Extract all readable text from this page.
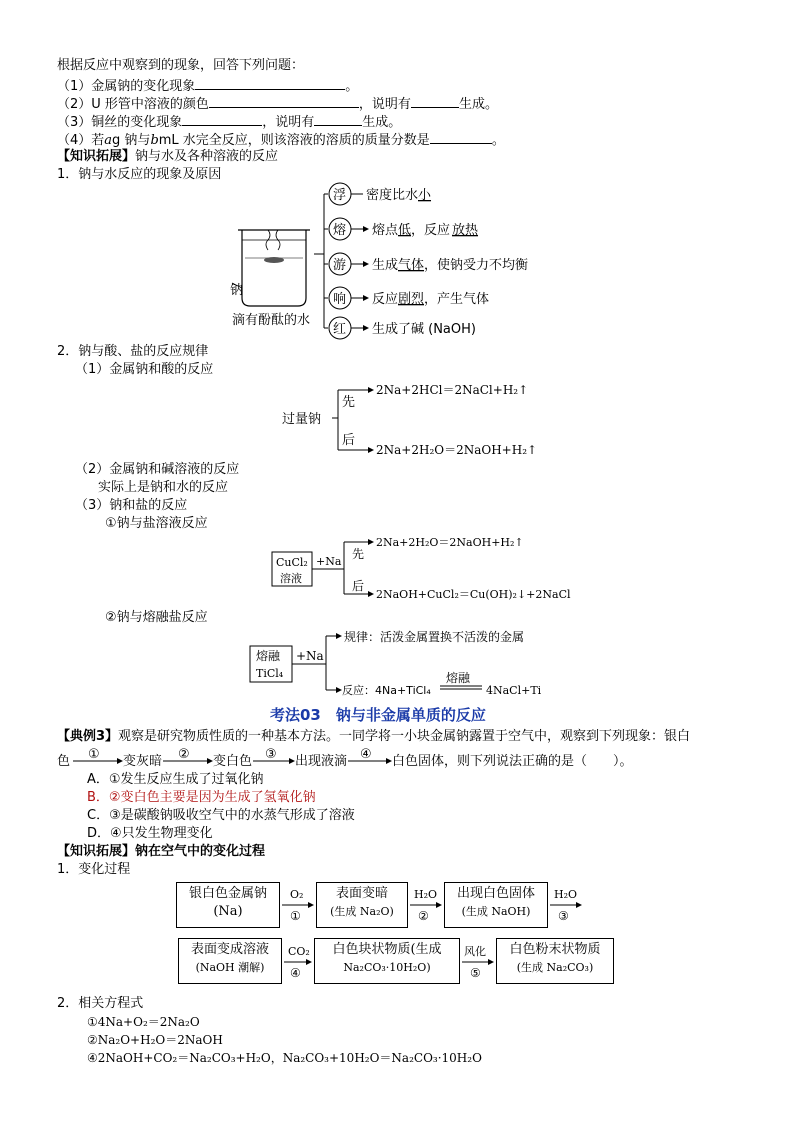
根据反应中观察到的现象，回答下列问题：
（1）金属钠的变化现象	。
（2）U 形管中溶液的颜色	，说明有	生成。
（3）铜丝的变化现象	，说明有	生成。
（4）若ag 钠与bmL 水完全反应，则该溶液的溶质的质量分数是	。
【知识拓展】钠与水及各种溶液的反应
1．钠与水反应的现象及原因
钠
滴有酚酞的水
浮 密度比水 小
熔 熔点 低 ，反应 放热
游 生成 气体 ，使钠受力不均衡
响 反应 剧烈 ，产生气体
红 生成了碱 (NaOH)
2．钠与酸、盐的反应规律
（1）金属钠和酸的反应
过量钠
先
后
2Na+2HCl＝2NaCl+H₂↑
2Na+2H₂O＝2NaOH+H₂↑
（2）金属钠和碱溶液的反应
实际上是钠和水的反应
（3）钠和盐的反应
①钠与盐溶液反应
CuCl₂
溶液
+Na
先
后
2Na+2H₂O＝2NaOH+H₂↑
2NaOH+CuCl₂＝Cu(OH)₂↓+2NaCl
②钠与熔融盐反应
熔融
TiCl₄
+Na
规律：活泼金属置换不活泼的金属
反应：4Na+TiCl₄
熔融
4NaCl+Ti
考法03　钠与非金属单质的反应
【典例3】观察是研究物质性质的一种基本方法。一同学将一小块金属钠露置于空气中，观察到下列现象：银白
色 ① 变灰暗 ② 变白色 ③ 出现液滴 ④ 白色固体，则下列说法正确的是（　　）。
A．①发生反应生成了过氧化钠
B．②变白色主要是因为生成了氢氧化钠
C．③是碳酸钠吸收空气中的水蒸气形成了溶液
D．④只发生物理变化
【知识拓展】钠在空气中的变化过程
1．变化过程
银白色金属钠
(Na)
表面变暗
(生成 Na₂O)
出现白色固体
(生成 NaOH)
表面变成溶液
(NaOH 潮解)
白色块状物质(生成
Na₂CO₃·10H₂O)
白色粉末状物质
(生成 Na₂CO₃)
O₂
①
H₂O
②
H₂O
③
CO₂
④
风化
⑤
2．相关方程式
①4Na+O₂＝2Na₂O
②Na₂O+H₂O＝2NaOH
④2NaOH+CO₂＝Na₂CO₃+H₂O，Na₂CO₃+10H₂O＝Na₂CO₃·10H₂O
